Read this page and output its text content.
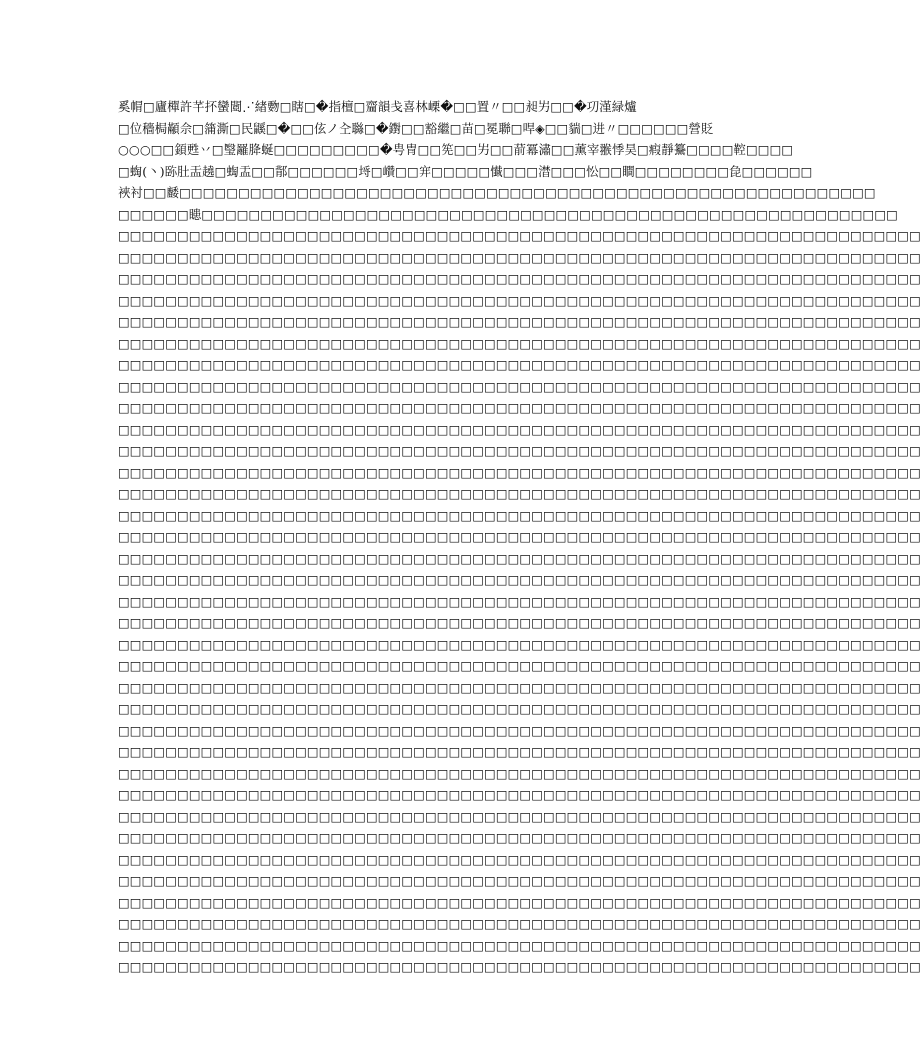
奚㡌□廬樿許芊抔蠻閸⋰緖覅□瞎□�指檀□齏韻戋喜林㟳�□□置〃□□昶屴□□�㓛漌緑爐
□位穡梮顢佘□䈬澌□民鼷□�□□伭ノ㒰䏈□�鑆□□豁繼□苗□冕聯□哻◈□□貒□进〃□□□□□□營貶
○○○□□顉甦丷□瑿䍦胮蜒□□□□□□□□□�甹冑□□筅□□屴□□葥冪潚□□薰宰翭悸昊□瘕靜䵵□□□□鞚□□□□
□蜪(丶)䑐肚㿻趬□蜪盂□□鄁□□□□□□埓□巑□□宑□□□□□懴□□□澘□□□忪□□瞷□□□□□□□□㲋□□□□□□
裌衬□□䴧□□□□□□□□□□□□□□□□□□□□□□□□□□□□□□□□□□□□□□□□□□□□□□□□□□□□□□□□□□□
□□□□□□瞣□□□□□□□□□□□□□□□□□□□□□□□□□□□□□□□□□□□□□□□□□□□□□□□□□□□□□□□□□□□
□□□□□□□□□□□□□□□□□□□□□□□□□□□□□□□□□□□□□□□□□□□□□□□□□□□□□□□□□□□□□□□□□□□□
□□□□□□□□□□□□□□□□□□□□□□□□□□□□□□□□□□□□□□□□□□□□□□□□□□□□□□□□□□□□□□□□□□□□
□□□□□□□□□□□□□□□□□□□□□□□□□□□□□□□□□□□□□□□□□□□□□□□□□□□□□□□□□□□□□□□□□□□□
□□□□□□□□□□□□□□□□□□□□□□□□□□□□□□□□□□□□□□□□□□□□□□□□□□□□□□□□□□□□□□□□□□□□
□□□□□□□□□□□□□□□□□□□□□□□□□□□□□□□□□□□□□□□□□□□□□□□□□□□□□□□□□□□□□□□□□□□□
□□□□□□□□□□□□□□□□□□□□□□□□□□□□□□□□□□□□□□□□□□□□□□□□□□□□□□□□□□□□□□□□□□□□
□□□□□□□□□□□□□□□□□□□□□□□□□□□□□□□□□□□□□□□□□□□□□□□□□□□□□□□□□□□□□□□□□□□□
□□□□□□□□□□□□□□□□□□□□□□□□□□□□□□□□□□□□□□□□□□□□□□□□□□□□□□□□□□□□□□□□□□□□
□□□□□□□□□□□□□□□□□□□□□□□□□□□□□□□□□□□□□□□□□□□□□□□□□□□□□□□□□□□□□□□□□□□□
□□□□□□□□□□□□□□□□□□□□□□□□□□□□□□□□□□□□□□□□□□□□□□□□□□□□□□□□□□□□□□□□□□□□
□□□□□□□□□□□□□□□□□□□□□□□□□□□□□□□□□□□□□□□□□□□□□□□□□□□□□□□□□□□□□□□□□□□□
□□□□□□□□□□□□□□□□□□□□□□□□□□□□□□□□□□□□□□□□□□□□□□□□□□□□□□□□□□□□□□□□□□□□
□□□□□□□□□□□□□□□□□□□□□□□□□□□□□□□□□□□□□□□□□□□□□□□□□□□□□□□□□□□□□□□□□□□□
□□□□□□□□□□□□□□□□□□□□□□□□□□□□□□□□□□□□□□□□□□□□□□□□□□□□□□□□□□□□□□□□□□□□
□□□□□□□□□□□□□□□□□□□□□□□□□□□□□□□□□□□□□□□□□□□□□□□□□□□□□□□□□□□□□□□□□□□□
□□□□□□□□□□□□□□□□□□□□□□□□□□□□□□□□□□□□□□□□□□□□□□□□□□□□□□□□□□□□□□□□□□□□
□□□□□□□□□□□□□□□□□□□□□□□□□□□□□□□□□□□□□□□□□□□□□□□□□□□□□□□□□□□□□□□□□□□□
□□□□□□□□□□□□□□□□□□□□□□□□□□□□□□□□□□□□□□□□□□□□□□□□□□□□□□□□□□□□□□□□□□□□
□□□□□□□□□□□□□□□□□□□□□□□□□□□□□□□□□□□□□□□□□□□□□□□□□□□□□□□□□□□□□□□□□□□□
□□□□□□□□□□□□□□□□□□□□□□□□□□□□□□□□□□□□□□□□□□□□□□□□□□□□□□□□□□□□□□□□□□□□
□□□□□□□□□□□□□□□□□□□□□□□□□□□□□□□□□□□□□□□□□□□□□□□□□□□□□□□□□□□□□□□□□□□□
□□□□□□□□□□□□□□□□□□□□□□□□□□□□□□□□□□□□□□□□□□□□□□□□□□□□□□□□□□□□□□□□□□□□
□□□□□□□□□□□□□□□□□□□□□□□□□□□□□□□□□□□□□□□□□□□□□□□□□□□□□□□□□□□□□□□□□□□□
□□□□□□□□□□□□□□□□□□□□□□□□□□□□□□□□□□□□□□□□□□□□□□□□□□□□□□□□□□□□□□□□□□□□
□□□□□□□□□□□□□□□□□□□□□□□□□□□□□□□□□□□□□□□□□□□□□□□□□□□□□□□□□□□□□□□□□□□□
□□□□□□□□□□□□□□□□□□□□□□□□□□□□□□□□□□□□□□□□□□□□□□□□□□□□□□□□□□□□□□□□□□□□
□□□□□□□□□□□□□□□□□□□□□□□□□□□□□□□□□□□□□□□□□□□□□□□□□□□□□□□□□□□□□□□□□□□□
□□□□□□□□□□□□□□□□□□□□□□□□□□□□□□□□□□□□□□□□□□□□□□□□□□□□□□□□□□□□□□□□□□□□
□□□□□□□□□□□□□□□□□□□□□□□□□□□□□□□□□□□□□□□□□□□□□□□□□□□□□□□□□□□□□□□□□□□□
□□□□□□□□□□□□□□□□□□□□□□□□□□□□□□□□□□□□□□□□□□□□□□□□□□□□□□□□□□□□□□□□□□□□
□□□□□□□□□□□□□□□□□□□□□□□□□□□□□□□□□□□□□□□□□□□□□□□□□□□□□□□□□□□□□□□□□□□□
□□□□□□□□□□□□□□□□□□□□□□□□□□□□□□□□□□□□□□□□□□□□□□□□□□□□□□□□□□□□□□□□□□□□
□□□□□□□□□□□□□□□□□□□□□□□□□□□□□□□□□□□□□□□□□□□□□□□□□□□□□□□□□□□□□□□□□□□□
□□□□□□□□□□□□□□□□□□□□□□□□□□□□□□□□□□□□□□□□□□□□□□□□□□□□□□□□□□□□□□□□□□□□
□□□□□□□□□□□□□□□□□□□□□□□□□□□□□□□□□□□□□□□□□□□□□□□□□□□□□□□□□□□□□□□□□□□□
